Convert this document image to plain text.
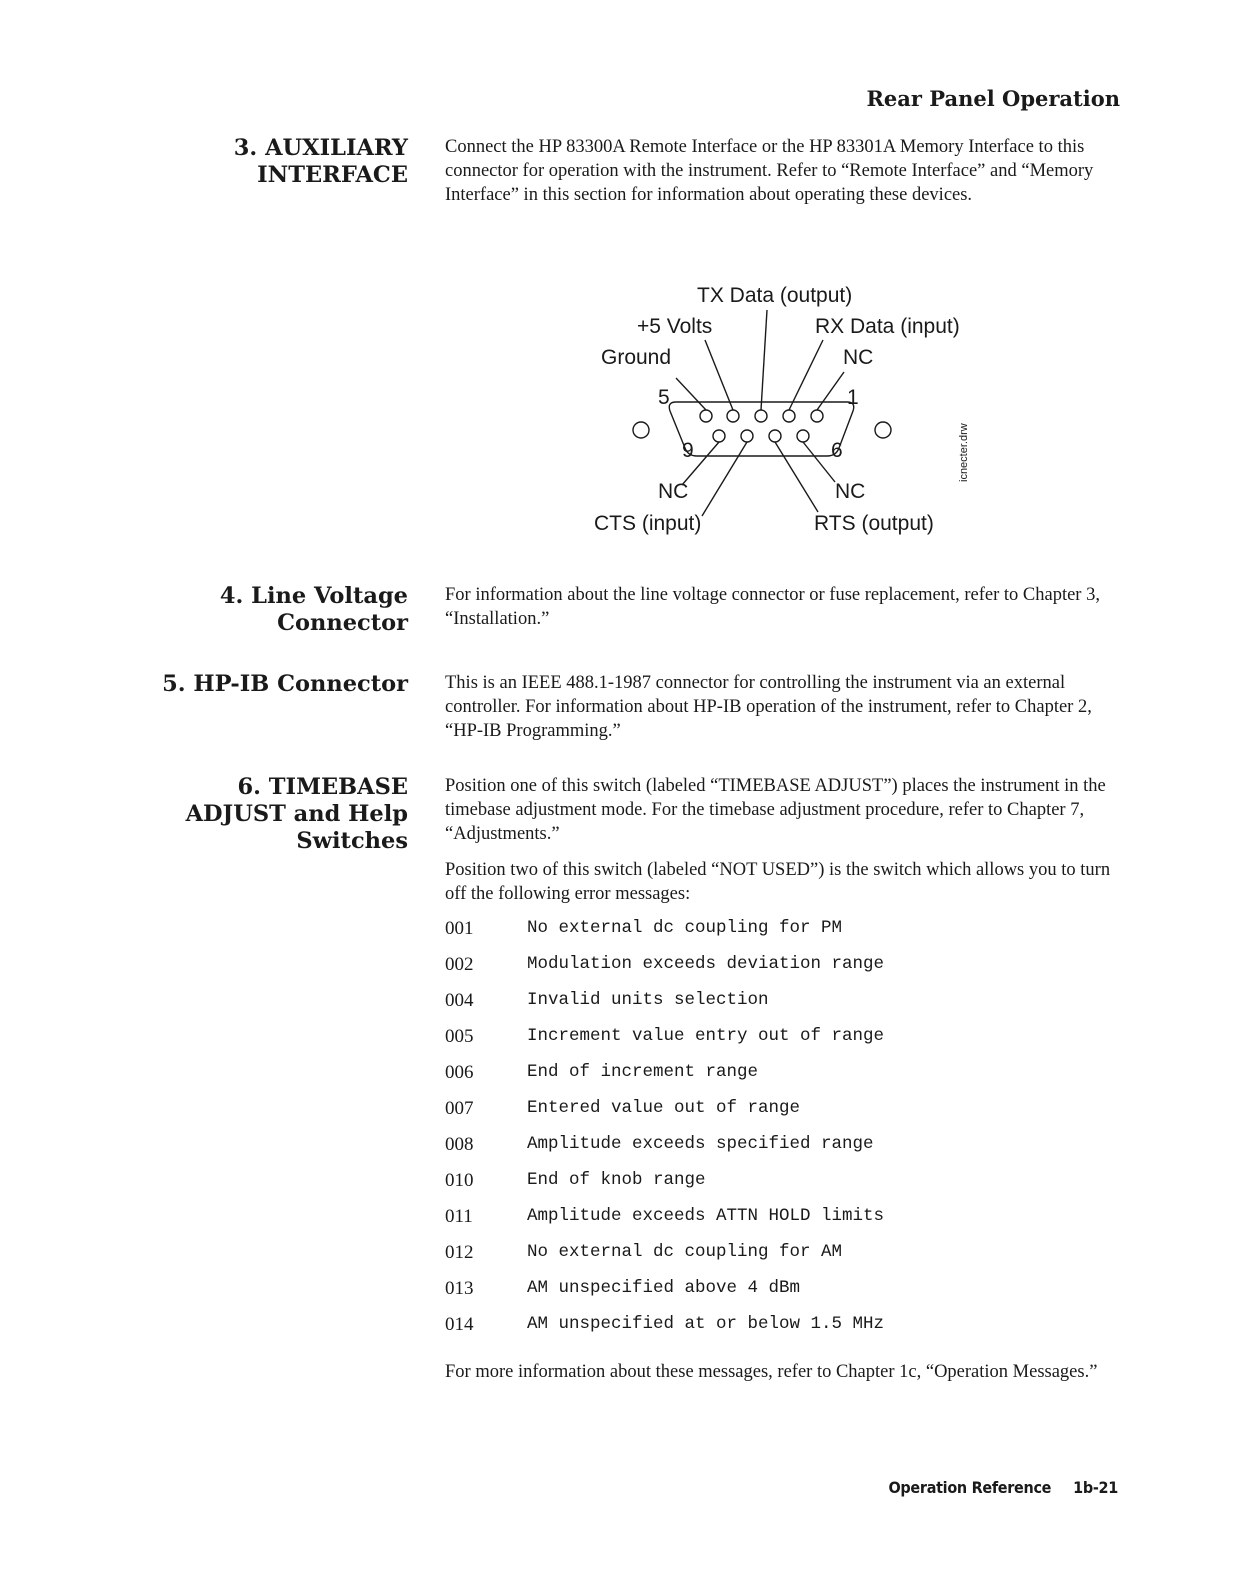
Rear Panel Operation
3. AUXILIARY
INTERFACE

Connect the HP 83300A Remote Interface or the HP 83301A Memory Interface to this connector for operation with the instrument. Refer to “Remote Interface” and “Memory Interface” in this section for information about operating these devices.

TX Data (output)
+5 Volts	RX Data (input)
Ground	NC
5	1
9	6
NC	NC
CTS (input)	RTS (output)
icnecter.drw
4. Line Voltage
Connector

For information about the line voltage connector or fuse replacement, refer to Chapter 3, “Installation.”

5. HP-IB Connector This is an IEEE 488.1-1987 connector for controlling the instrument via an external controller. For information about HP-IB operation of the instrument, refer to Chapter 2, “HP-IB Programming.”

6. TIMEBASE
ADJUST and Help
Switches

Position one of this switch (labeled “TIMEBASE ADJUST”) places the instrument in the timebase adjustment mode. For the timebase adjustment procedure, refer to Chapter 7, “Adjustments.”

Position two of this switch (labeled “NOT USED”) is the switch which allows you to turn off the following error messages:

001	No external dc coupling for PM
002	Modulation exceeds deviation range
004	Invalid units selection
005	Increment value entry out of range
006	End of increment range
007	Entered value out of range
008	Amplitude exceeds specified range
010	End of knob range
011	Amplitude exceeds ATTN HOLD limits
012	No external dc coupling for AM
013	AM unspecified above 4 dBm
014	AM unspecified at or below 1.5 MHz
For more information about these messages, refer to Chapter 1c, “Operation Messages.”
Operation Reference 1b-21
